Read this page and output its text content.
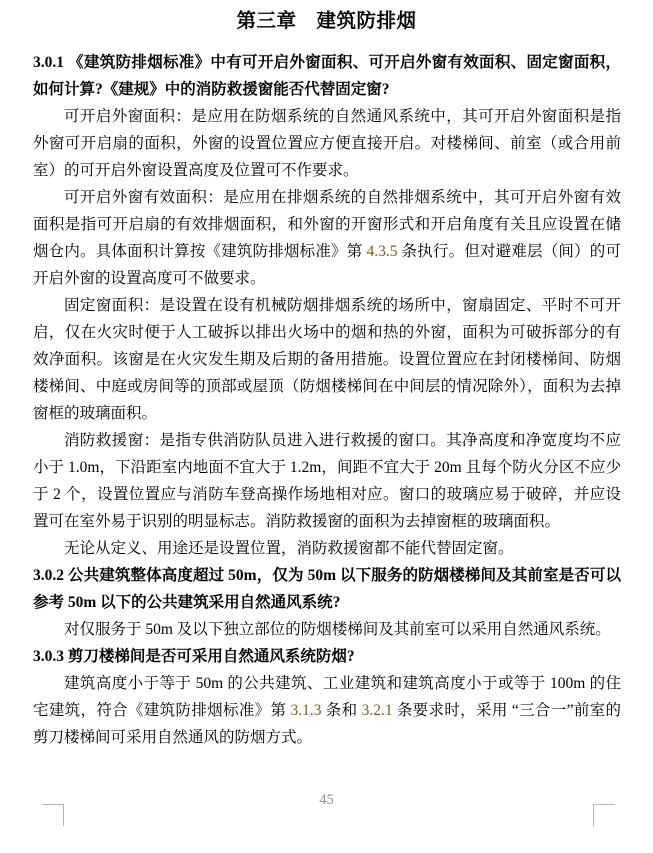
第三章　建筑防排烟

3.0.1 《建筑防排烟标准》中有可开启外窗面积、可开启外窗有效面积、固定窗面积，如何计算?《建规》中的消防救援窗能否代替固定窗?

可开启外窗面积：是应用在防烟系统的自然通风系统中，其可开启外窗面积是指外窗可开启扇的面积，外窗的设置位置应方便直接开启。对楼梯间、前室（或合用前室）的可开启外窗设置高度及位置可不作要求。

可开启外窗有效面积：是应用在排烟系统的自然排烟系统中，其可开启外窗有效面积是指可开启扇的有效排烟面积，和外窗的开窗形式和开启角度有关且应设置在储烟仓内。具体面积计算按《建筑防排烟标准》第 4.3.5 条执行。但对避难层（间）的可开启外窗的设置高度可不做要求。

固定窗面积：是设置在设有机械防烟排烟系统的场所中，窗扇固定、平时不可开启，仅在火灾时便于人工破拆以排出火场中的烟和热的外窗，面积为可破拆部分的有效净面积。该窗是在火灾发生期及后期的备用措施。设置位置应在封闭楼梯间、防烟楼梯间、中庭或房间等的顶部或屋顶（防烟楼梯间在中间层的情况除外），面积为去掉窗框的玻璃面积。

消防救援窗：是指专供消防队员进入进行救援的窗口。其净高度和净宽度均不应小于 1.0m，下沿距室内地面不宜大于 1.2m，间距不宜大于 20m 且每个防火分区不应少于 2 个，设置位置应与消防车登高操作场地相对应。窗口的玻璃应易于破碎，并应设置可在室外易于识别的明显标志。消防救援窗的面积为去掉窗框的玻璃面积。

无论从定义、用途还是设置位置，消防救援窗都不能代替固定窗。

3.0.2 公共建筑整体高度超过 50m，仅为 50m 以下服务的防烟楼梯间及其前室是否可以参考 50m 以下的公共建筑采用自然通风系统?

对仅服务于 50m 及以下独立部位的防烟楼梯间及其前室可以采用自然通风系统。

3.0.3 剪刀楼梯间是否可采用自然通风系统防烟?

建筑高度小于等于 50m 的公共建筑、工业建筑和建筑高度小于或等于 100m 的住宅建筑，符合《建筑防排烟标准》第 3.1.3 条和 3.2.1 条要求时，采用 “三合一”前室的剪刀楼梯间可采用自然通风的防烟方式。

45
